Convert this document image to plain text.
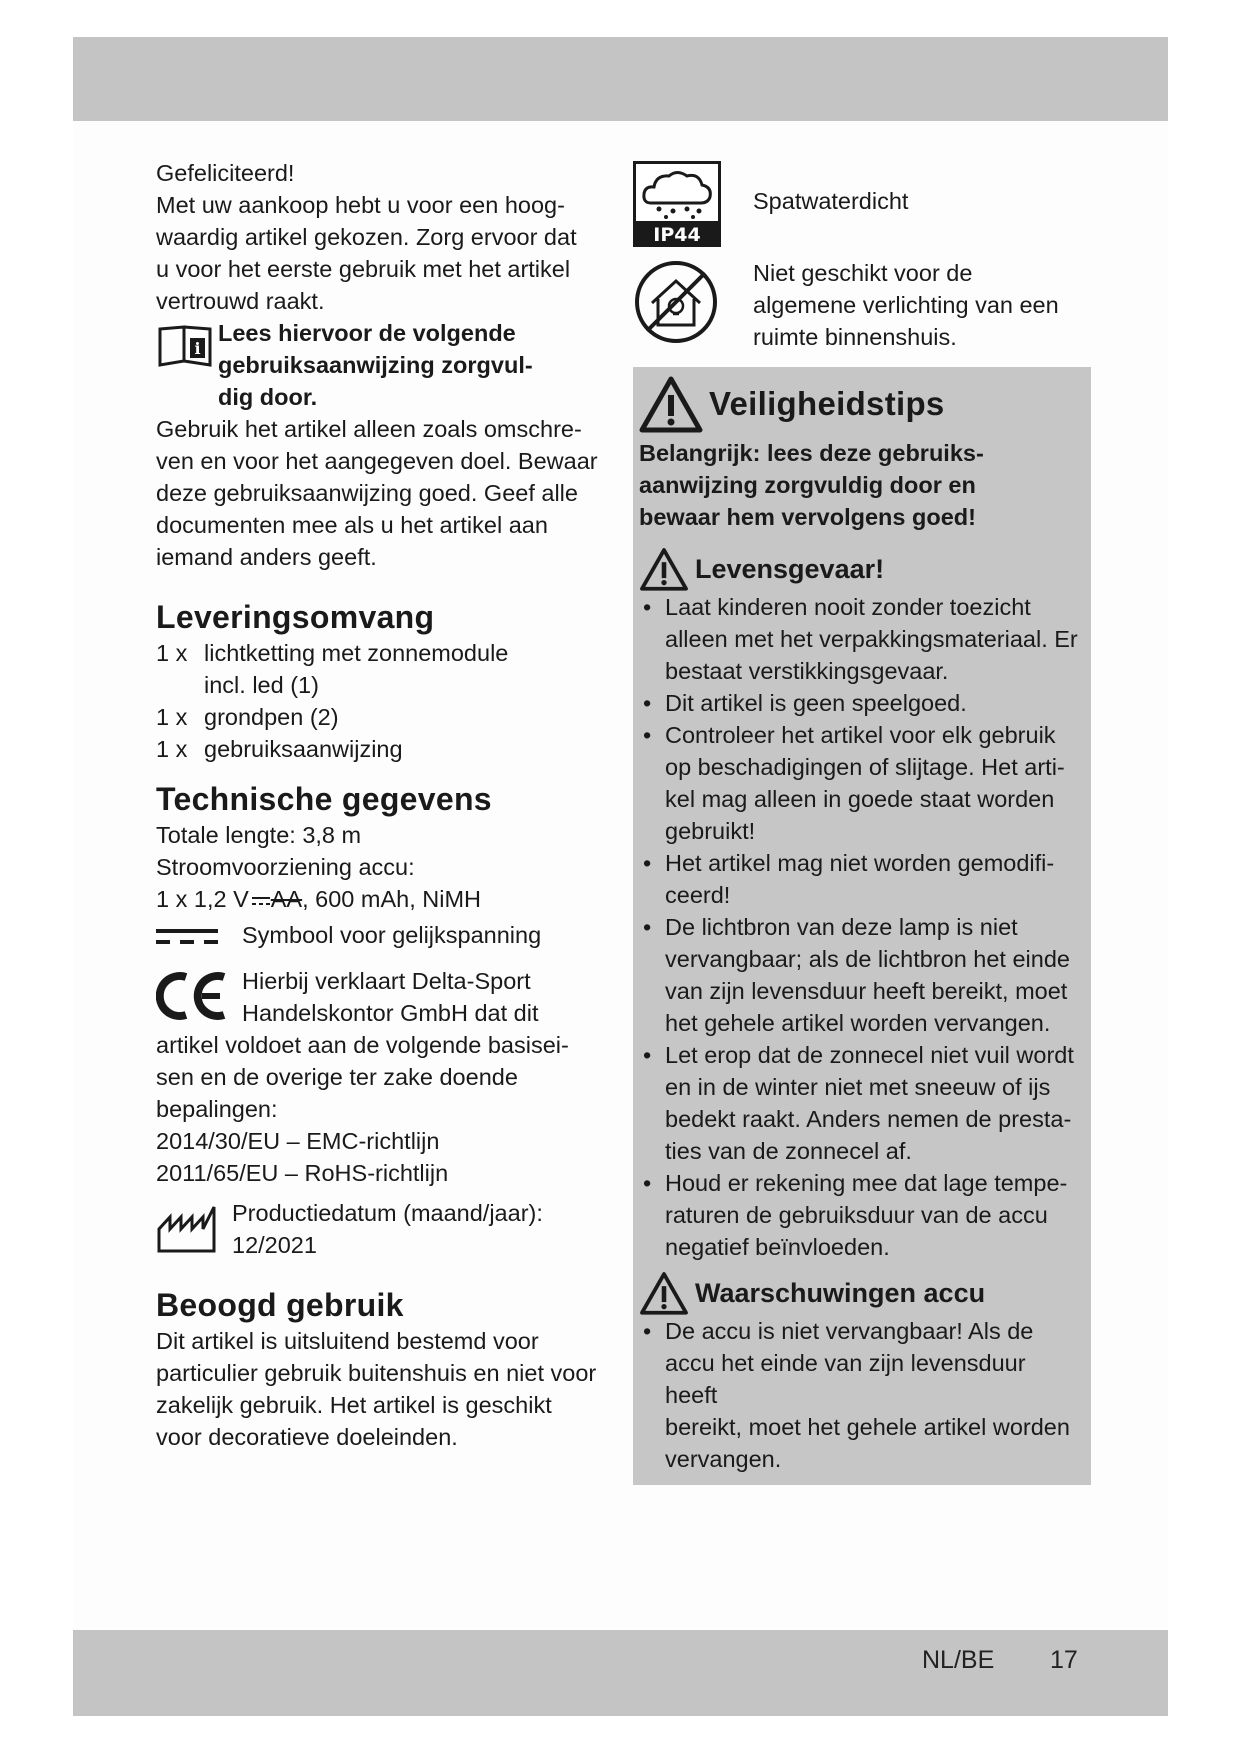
Gefeliciteerd!

Met uw aankoop hebt u voor een hoog-

waardig artikel gekozen. Zorg ervoor dat

u voor het eerste gebruik met het artikel

vertrouwd raakt.

i

Lees hiervoor de volgende

gebruiksaanwijzing zorgvul-

dig door.

Gebruik het artikel alleen zoals omschre-

ven en voor het aangegeven doel. Bewaar

deze gebruiksaanwijzing goed. Geef alle

documenten mee als u het artikel aan

iemand anders geeft.

Leveringsomvang

1 x lichtketting met zonnemodule

incl. led (1)

1 x grondpen (2)

1 x gebruiksaanwijzing

Technische gegevens

Totale lengte: 3,8 m

Stroomvoorziening accu:

1 x 1,2 V AA, 600 mAh, NiMH

Symbool voor gelijkspanning

Hierbij verklaart Delta-Sport

Handelskontor GmbH dat dit

artikel voldoet aan de volgende basisei-

sen en de overige ter zake doende

bepalingen:

2014/30/EU – EMC-richtlijn

2011/65/EU – RoHS-richtlijn

Productiedatum (maand/jaar):

12/2021

Beoogd gebruik

Dit artikel is uitsluitend bestemd voor

particulier gebruik buitenshuis en niet voor

zakelijk gebruik. Het artikel is geschikt

voor decoratieve doeleinden.

IP44

Spatwaterdicht

Niet geschikt voor de

algemene verlichting van een

ruimte binnenshuis.

Veiligheidstips

Belangrijk: lees deze gebruiks-

aanwijzing zorgvuldig door en

bewaar hem vervolgens goed!

Levensgevaar!
• Laat kinderen nooit zonder toezicht
alleen met het verpakkingsmateriaal. Er
bestaat verstikkingsgevaar.
• Dit artikel is geen speelgoed.
• Controleer het artikel voor elk gebruik
op beschadigingen of slijtage. Het arti-
kel mag alleen in goede staat worden
gebruikt!
• Het artikel mag niet worden gemodifi-
ceerd!
• De lichtbron van deze lamp is niet
vervangbaar; als de lichtbron het einde
van zijn levensduur heeft bereikt, moet
het gehele artikel worden vervangen.
• Let erop dat de zonnecel niet vuil wordt
en in de winter niet met sneeuw of ijs
bedekt raakt. Anders nemen de presta-
ties van de zonnecel af.
• Houd er rekening mee dat lage tempe-
raturen de gebruiksduur van de accu
negatief beïnvloeden.
Waarschuwingen accu
• De accu is niet vervangbaar! Als de
accu het einde van zijn levensduur heeft
bereikt, moet het gehele artikel worden
vervangen.
NL/BE 17
